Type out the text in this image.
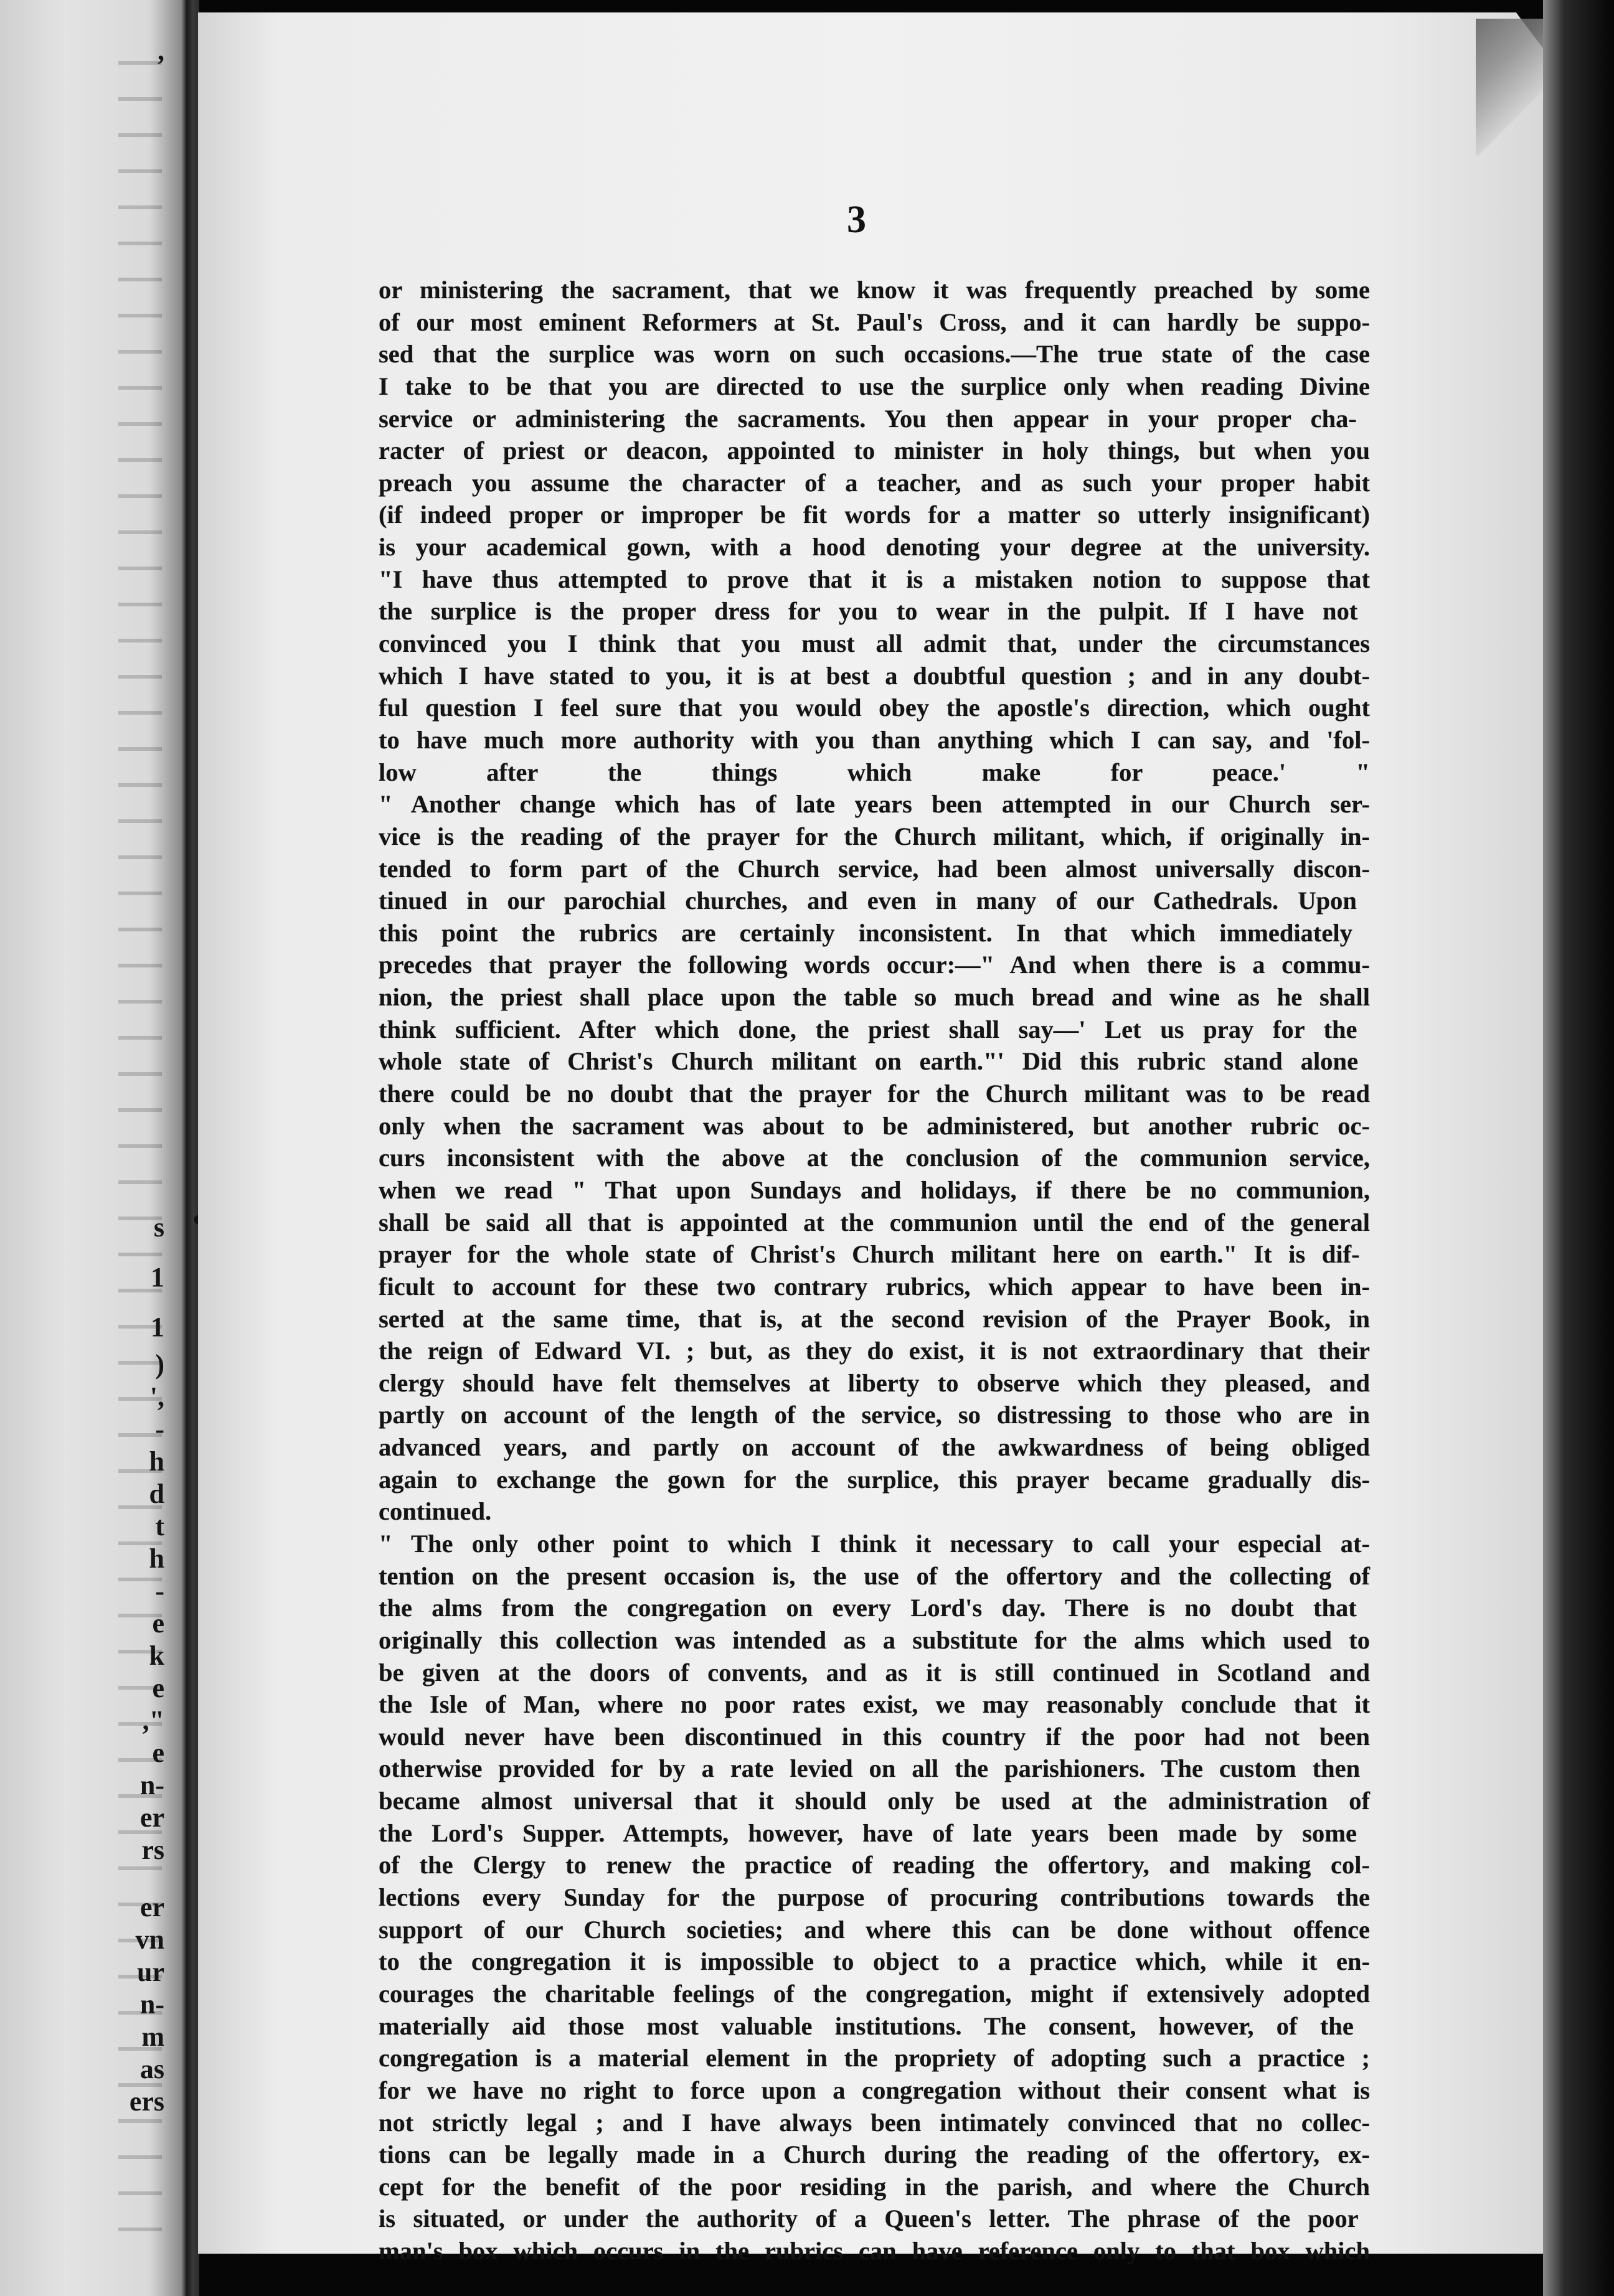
,
s
1
1
)
',
-
h
d
t
h
-
e
k
e
,"
e
n-
er
rs
er
vn
ur
n-
m
as
ers
3
or ministering the sacrament, that we know it was frequently preached by some
of our most eminent Reformers at St. Paul's Cross, and it can hardly be suppo-
sed that the surplice was worn on such occasions.—The true state of the case
I take to be that you are directed to use the surplice only when reading Divine
service or administering the sacraments. You then appear in your proper cha-
racter of priest or deacon, appointed to minister in holy things, but when you
preach you assume the character of a teacher, and as such your proper habit
(if indeed proper or improper be fit words for a matter so utterly insignificant)
is your academical gown, with a hood denoting your degree at the university.
"I have thus attempted to prove that it is a mistaken notion to suppose that
the surplice is the proper dress for you to wear in the pulpit. If I have not
convinced you I think that you must all admit that, under the circumstances
which I have stated to you, it is at best a doubtful question ; and in any doubt-
ful question I feel sure that you would obey the apostle's direction, which ought
to have much more authority with you than anything which I can say, and 'fol-
low after the things which make for peace.' "
" Another change which has of late years been attempted in our Church ser-
vice is the reading of the prayer for the Church militant, which, if originally in-
tended to form part of the Church service, had been almost universally discon-
tinued in our parochial churches, and even in many of our Cathedrals. Upon
this point the rubrics are certainly inconsistent. In that which immediately
precedes that prayer the following words occur:—" And when there is a commu-
nion, the priest shall place upon the table so much bread and wine as he shall
think sufficient. After which done, the priest shall say—' Let us pray for the
whole state of Christ's Church militant on earth."' Did this rubric stand alone
there could be no doubt that the prayer for the Church militant was to be read
only when the sacrament was about to be administered, but another rubric oc-
curs inconsistent with the above at the conclusion of the communion service,
when we read " That upon Sundays and holidays, if there be no communion,
shall be said all that is appointed at the communion until the end of the general
prayer for the whole state of Christ's Church militant here on earth." It is dif-
ficult to account for these two contrary rubrics, which appear to have been in-
serted at the same time, that is, at the second revision of the Prayer Book, in
the reign of Edward VI. ; but, as they do exist, it is not extraordinary that their
clergy should have felt themselves at liberty to observe which they pleased, and
partly on account of the length of the service, so distressing to those who are in
advanced years, and partly on account of the awkwardness of being obliged
again to exchange the gown for the surplice, this prayer became gradually dis-
continued.
" The only other point to which I think it necessary to call your especial at-
tention on the present occasion is, the use of the offertory and the collecting of
the alms from the congregation on every Lord's day. There is no doubt that
originally this collection was intended as a substitute for the alms which used to
be given at the doors of convents, and as it is still continued in Scotland and
the Isle of Man, where no poor rates exist, we may reasonably conclude that it
would never have been discontinued in this country if the poor had not been
otherwise provided for by a rate levied on all the parishioners. The custom then
became almost universal that it should only be used at the administration of
the Lord's Supper. Attempts, however, have of late years been made by some
of the Clergy to renew the practice of reading the offertory, and making col-
lections every Sunday for the purpose of procuring contributions towards the
support of our Church societies; and where this can be done without offence
to the congregation it is impossible to object to a practice which, while it en-
courages the charitable feelings of the congregation, might if extensively adopted
materially aid those most valuable institutions. The consent, however, of the
congregation is a material element in the propriety of adopting such a practice ;
for we have no right to force upon a congregation without their consent what is
not strictly legal ; and I have always been intimately convinced that no collec-
tions can be legally made in a Church during the reading of the offertory, ex-
cept for the benefit of the poor residing in the parish, and where the Church
is situated, or under the authority of a Queen's letter. The phrase of the poor
man's box which occurs in the rubrics can have reference only to that box which
